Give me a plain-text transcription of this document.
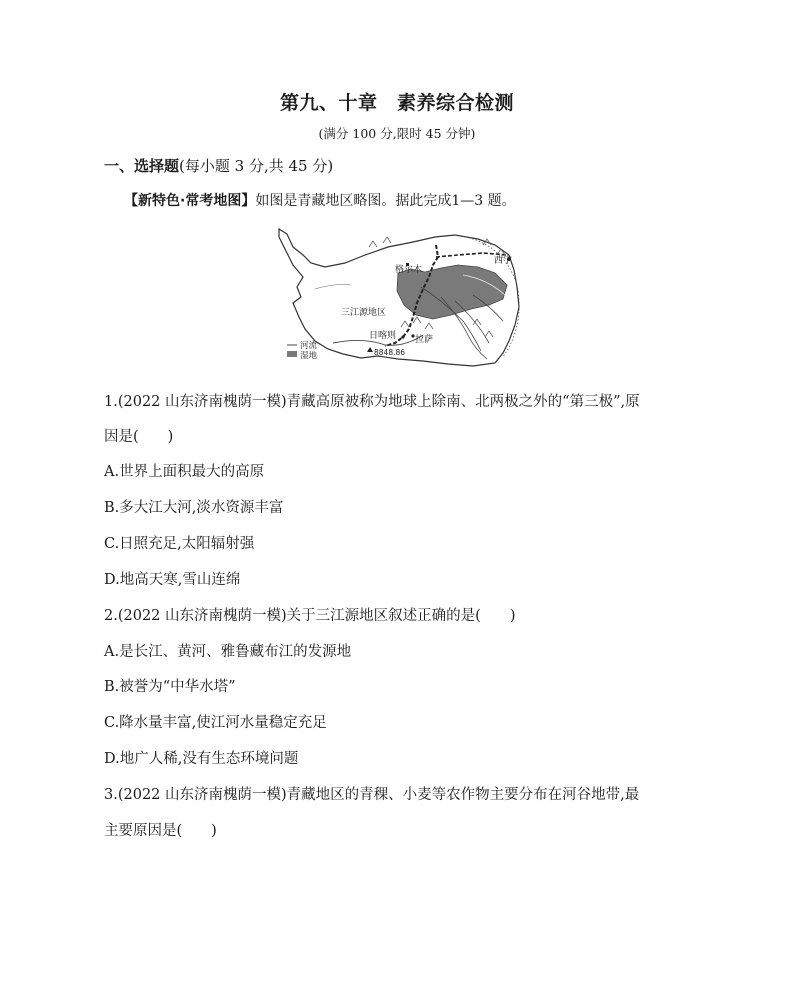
第九、十章　素养综合检测
(满分 100 分,限时 45 分钟)
一、选择题(每小题 3 分,共 45 分)
【新特色·常考地图】如图是青藏地区略图。据此完成1—3 题。
格尔木
西宁
三江源地区
日喀则 拉萨
8848.86
河流
湿地
1.(2022 山东济南槐荫一模)青藏高原被称为地球上除南、北两极之外的“第三极”,原
因是(　　)
A.世界上面积最大的高原
B.多大江大河,淡水资源丰富
C.日照充足,太阳辐射强
D.地高天寒,雪山连绵
2.(2022 山东济南槐荫一模)关于三江源地区叙述正确的是(　　)
A.是长江、黄河、雅鲁藏布江的发源地
B.被誉为“中华水塔”
C.降水量丰富,使江河水量稳定充足
D.地广人稀,没有生态环境问题
3.(2022 山东济南槐荫一模)青藏地区的青稞、小麦等农作物主要分布在河谷地带,最
主要原因是(　　)
